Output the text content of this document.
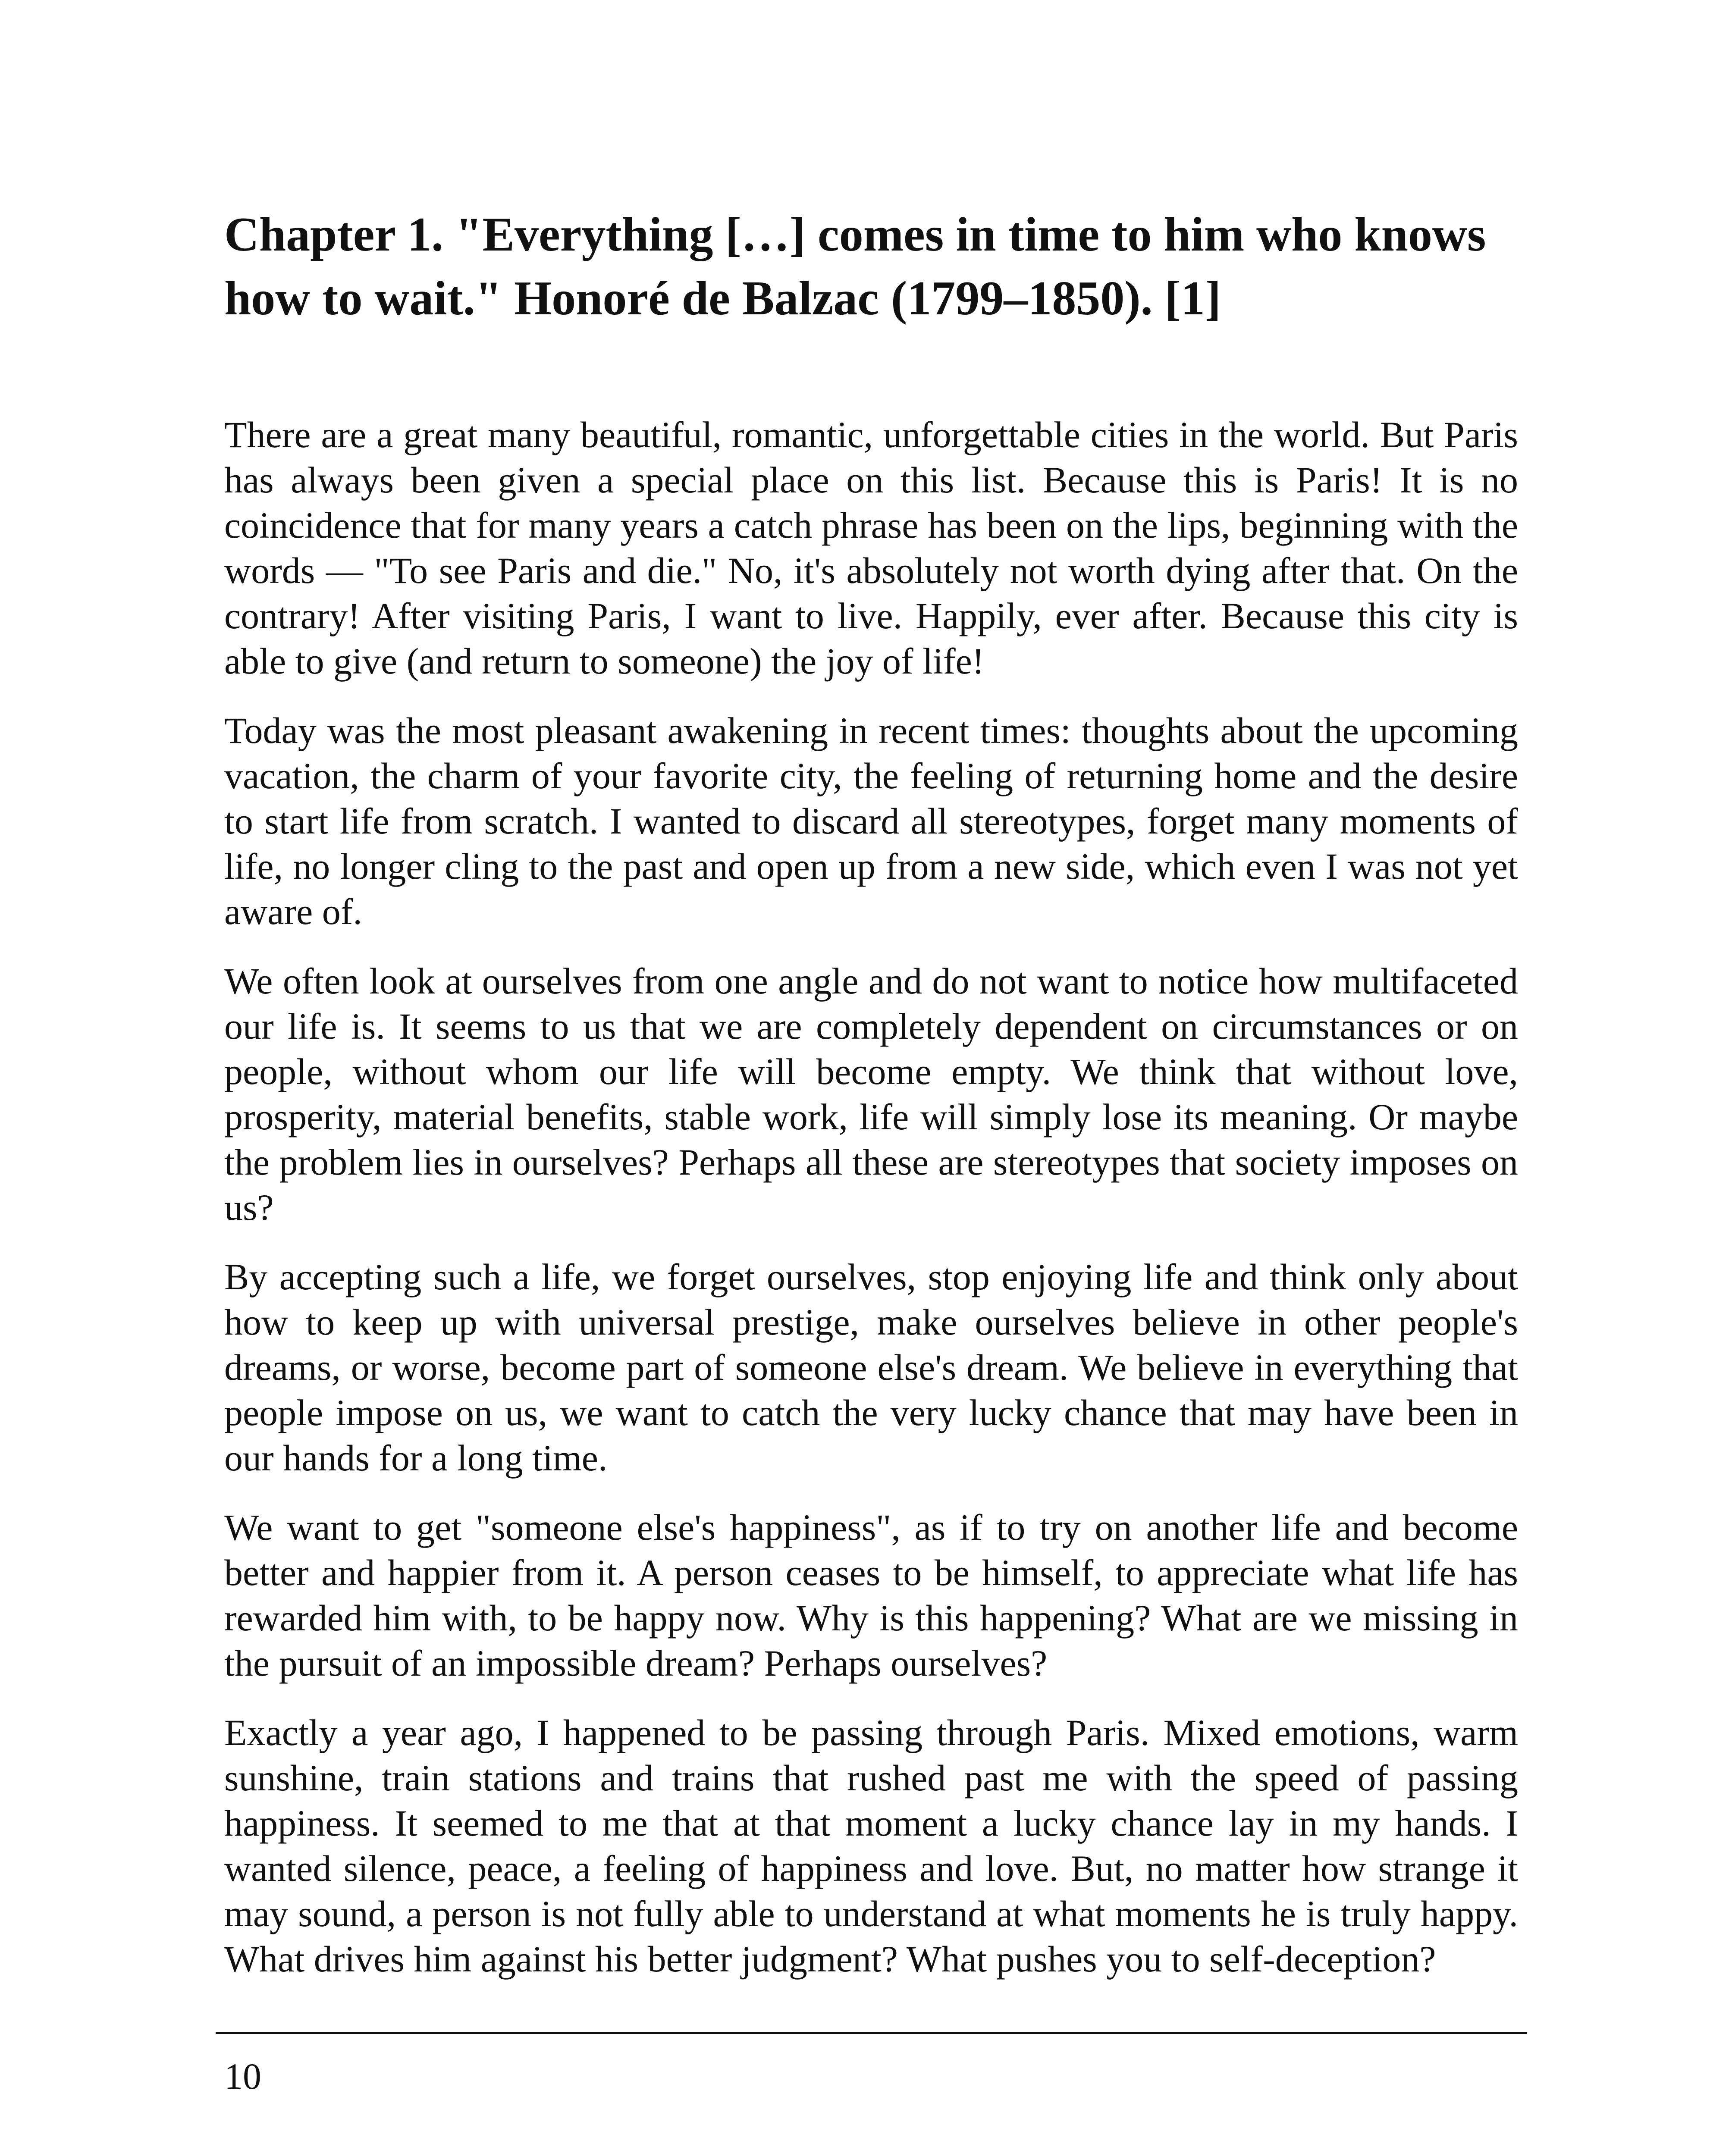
Chapter 1. "Everything […] comes in time to him who knows how to wait." Honoré de Balzac (1799–1850). [1]

There are a great many beautiful, romantic, unforgettable cities in the world. But Paris has always been given a special place on this list. Because this is Paris! It is no coincidence that for many years a catch phrase has been on the lips, beginning with the words — "To see Paris and die." No, it's absolutely not worth dying after that. On the contrary! After visiting Paris, I want to live. Happily, ever after. Because this city is able to give (and return to someone) the joy of life!

Today was the most pleasant awakening in recent times: thoughts about the upcoming vacation, the charm of your favorite city, the feeling of returning home and the desire to start life from scratch. I wanted to discard all stereotypes, forget many moments of life, no longer cling to the past and open up from a new side, which even I was not yet aware of.

We often look at ourselves from one angle and do not want to notice how multifaceted our life is. It seems to us that we are completely dependent on circumstances or on people, without whom our life will become empty. We think that without love, prosperity, material benefits, stable work, life will simply lose its meaning. Or maybe the problem lies in ourselves? Perhaps all these are stereotypes that society imposes on us?

By accepting such a life, we forget ourselves, stop enjoying life and think only about how to keep up with universal prestige, make ourselves believe in other people's dreams, or worse, become part of someone else's dream. We believe in everything that people impose on us, we want to catch the very lucky chance that may have been in our hands for a long time.

We want to get "someone else's happiness", as if to try on another life and become better and happier from it. A person ceases to be himself, to appreciate what life has rewarded him with, to be happy now. Why is this happening? What are we missing in the pursuit of an impossible dream? Perhaps ourselves?

Exactly a year ago, I happened to be passing through Paris. Mixed emotions, warm sunshine, train stations and trains that rushed past me with the speed of passing happiness. It seemed to me that at that moment a lucky chance lay in my hands. I wanted silence, peace, a feeling of happiness and love. But, no matter how strange it may sound, a person is not fully able to understand at what moments he is truly happy. What drives him against his better judgment? What pushes you to self-deception?

10
